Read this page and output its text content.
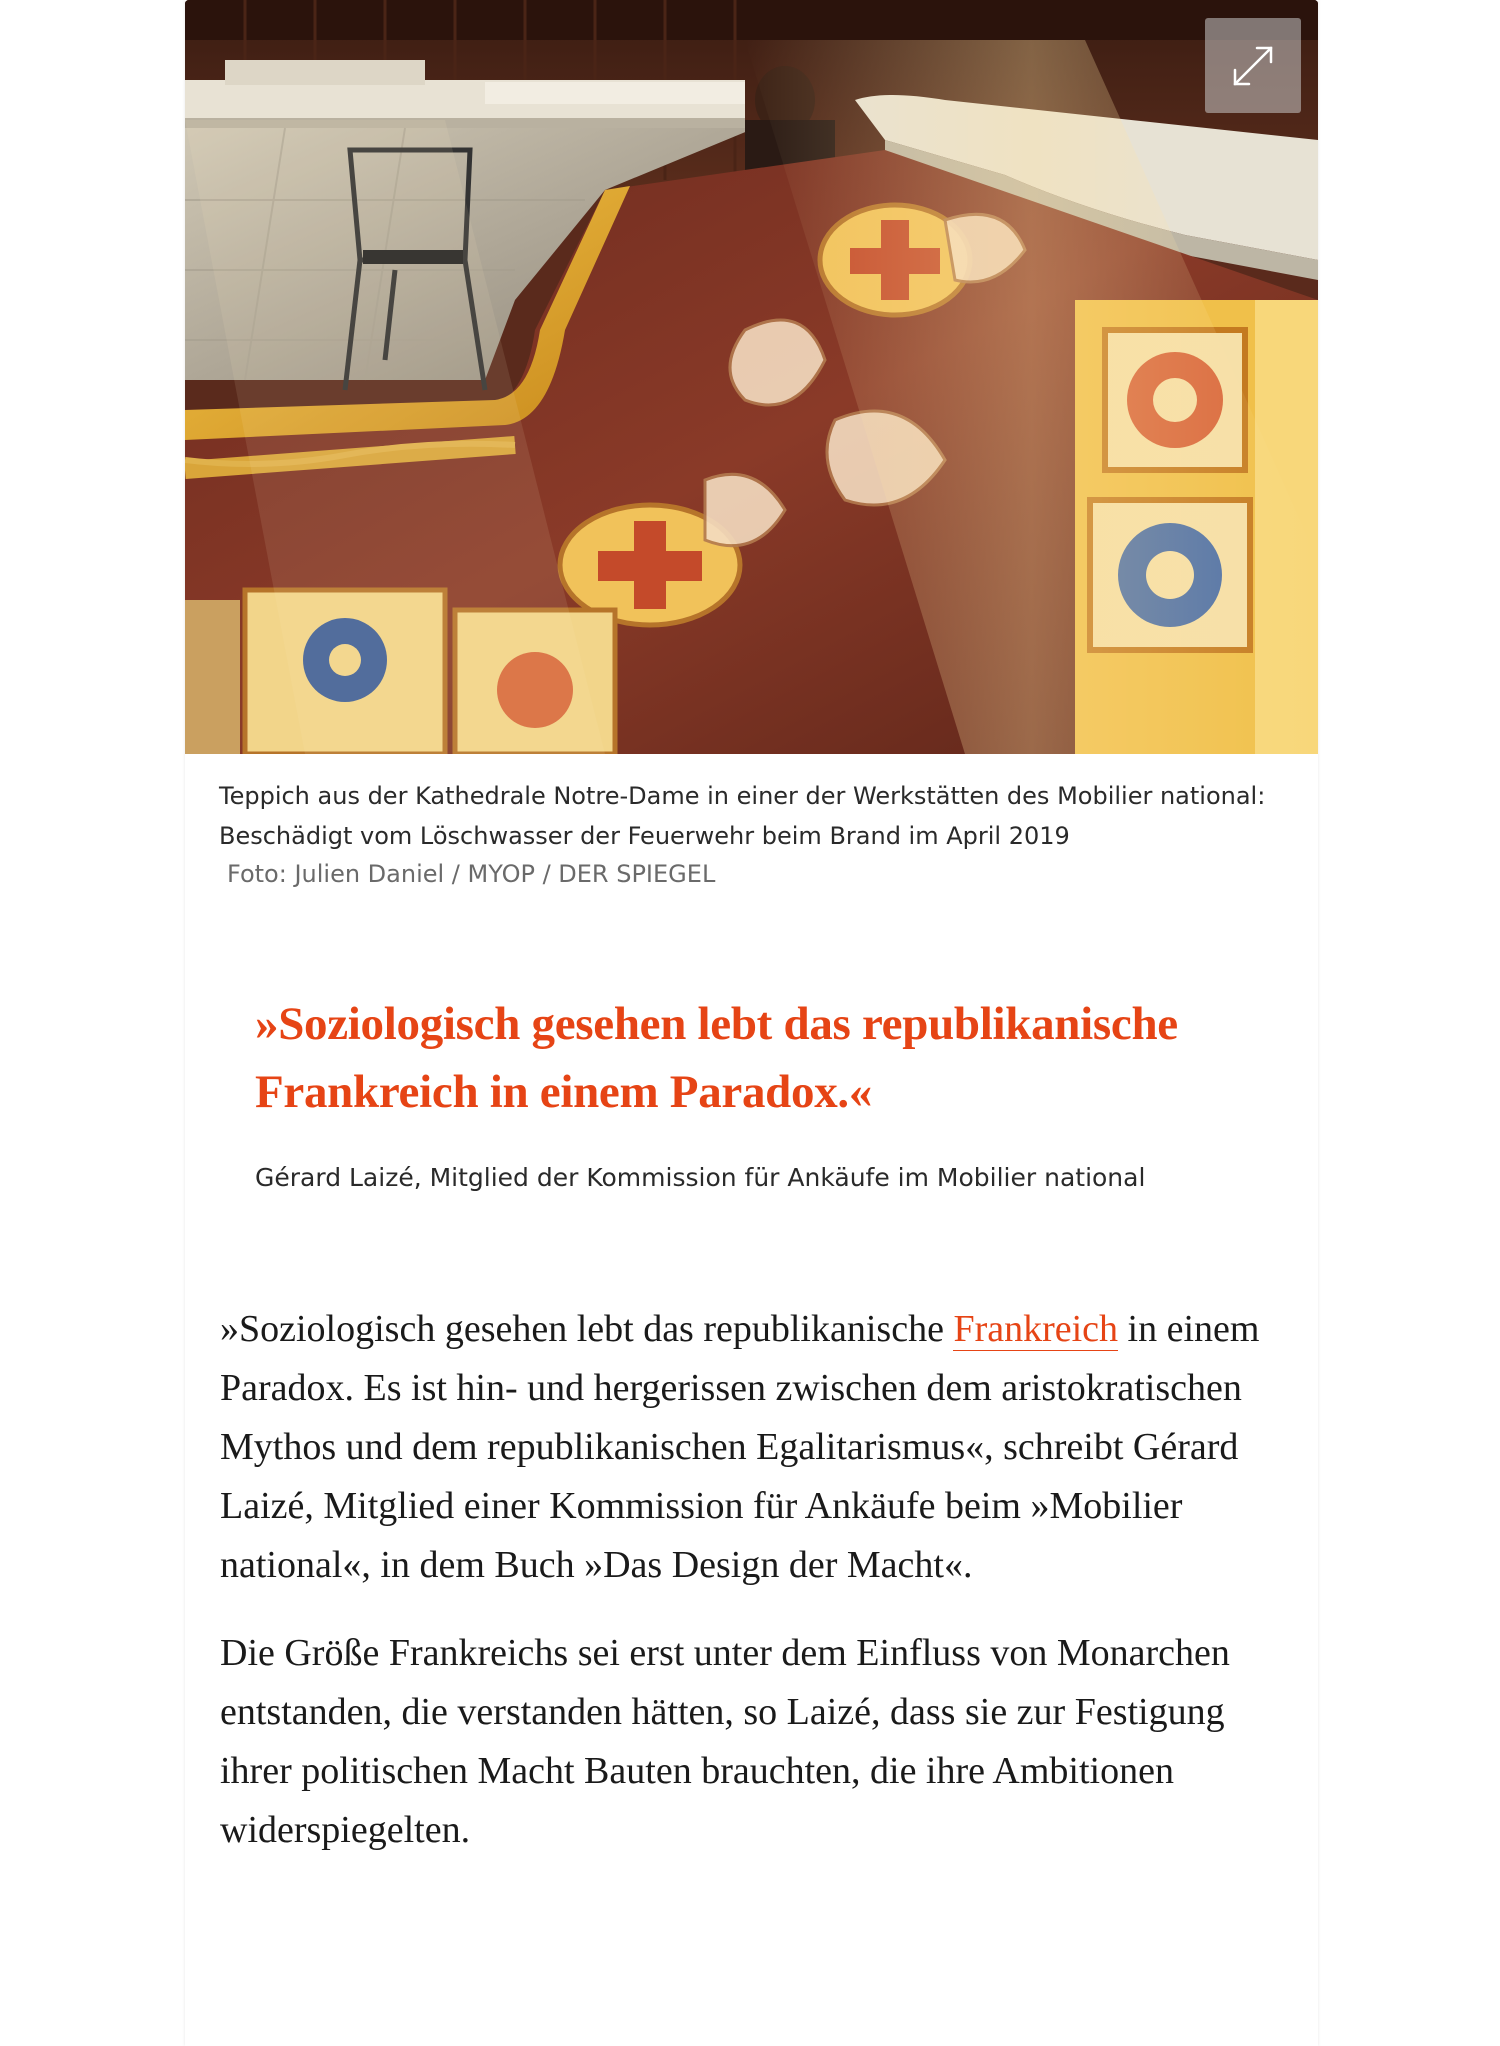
Teppich aus der Kathedrale Notre-Dame in einer der Werkstätten des Mobilier national: Beschädigt vom Löschwasser der Feuerwehr beim Brand im April 2019
Foto: Julien Daniel / MYOP / DER SPIEGEL
»Soziologisch gesehen lebt das republikanische Frankreich in einem Paradox.«
Gérard Laizé, Mitglied der Kommission für Ankäufe im Mobilier national

»Soziologisch gesehen lebt das republikanische Frankreich in einem Paradox. Es ist hin- und hergerissen zwischen dem aristokratischen Mythos und dem republikanischen Egalitarismus«, schreibt Gérard Laizé, Mitglied einer Kommission für Ankäufe beim »Mobilier national«, in dem Buch »Das Design der Macht«.

Die Größe Frankreichs sei erst unter dem Einfluss von Monarchen entstanden, die verstanden hätten, so Laizé, dass sie zur Festigung ihrer politischen Macht Bauten brauchten, die ihre Ambitionen widerspiegelten.
